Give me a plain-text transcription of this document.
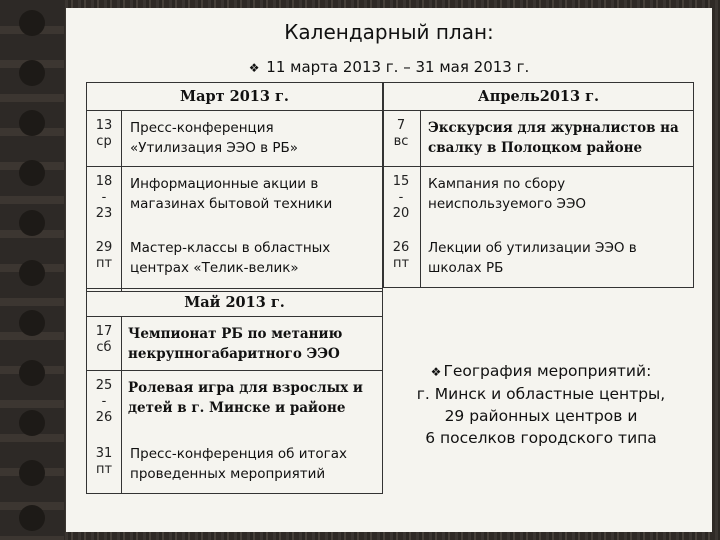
Календарный план:
❖ 11 марта 2013 г. – 31 мая 2013 г.
Март 2013 г.
13
ср
Пресс-конференция
«Утилизация ЭЭО в РБ»
18
-
23
Информационные акции в
магазинах бытовой техники
29
пт
Мастер-классы в областных
центрах «Телик-велик»
Апрель2013 г.
7
вс
Экскурсия для журналистов на
свалку в Полоцком районе
15
-
20
Кампания по сбору
неиспользуемого ЭЭО
26
пт
Лекции об утилизации ЭЭО в
школах РБ
Май 2013 г.
17
сб
Чемпионат РБ по метанию
некрупногабаритного ЭЭО
25
-
26
Ролевая игра для взрослых и
детей в г. Минске и районе
31
пт
Пресс-конференция об итогах
проведенных мероприятий
❖ География мероприятий:
г. Минск и областные центры,
29 районных центров и
6 поселков городского типа
